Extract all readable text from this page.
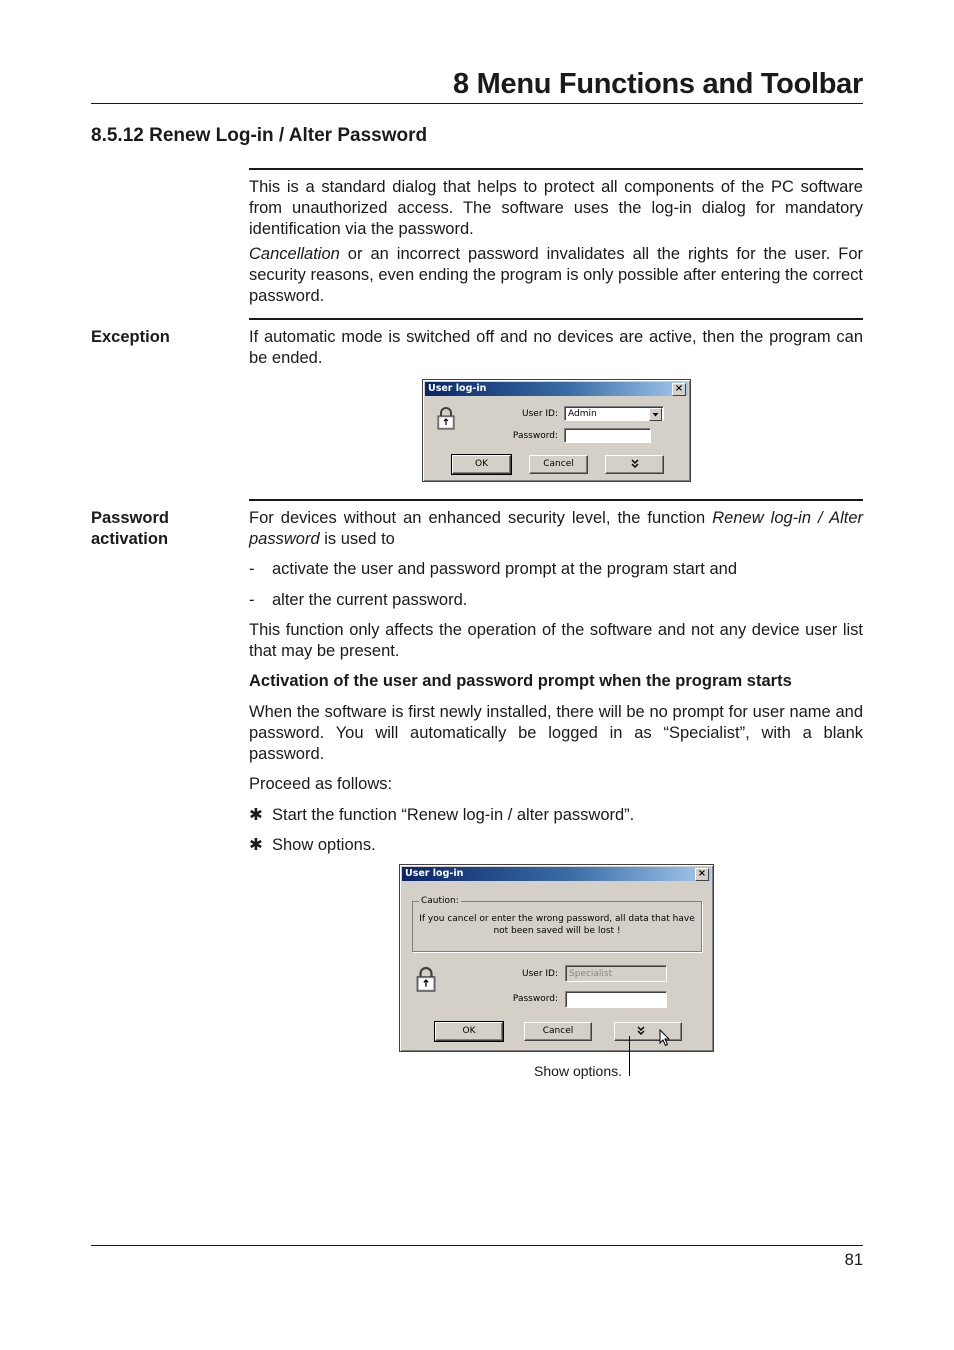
8 Menu Functions and Toolbar
8.5.12 Renew Log-in / Alter Password
This is a standard dialog that helps to protect all components of the PC software from unauthorized access. The software uses the log-in dialog for mandatory identification via the password.
Cancellation or an incorrect password invalidates all the rights for the user. For security reasons, even ending the program is only possible after entering the correct password.
Exception	If automatic mode is switched off and no devices are active, then the program can be ended.
User log-in	×
User ID:	Admin
Password:
OK	Cancel
Password
activation
For devices without an enhanced security level, the function Renew log-in / Alter password is used to
-	activate the user and password prompt at the program start and
-	alter the current password.
This function only affects the operation of the software and not any device user list that may be present.
Activation of the user and password prompt when the program starts
When the software is first newly installed, there will be no prompt for user name and password. You will automatically be logged in as “Specialist”, with a blank password.
Proceed as follows:
✱ Start the function “Renew log-in / alter password”.
✱ Show options.
User log-in	×
Caution:
If you cancel or enter the wrong password, all data that have not been saved will be lost !
User ID:	Specialist
Password:
OK	Cancel
Show options.
81
